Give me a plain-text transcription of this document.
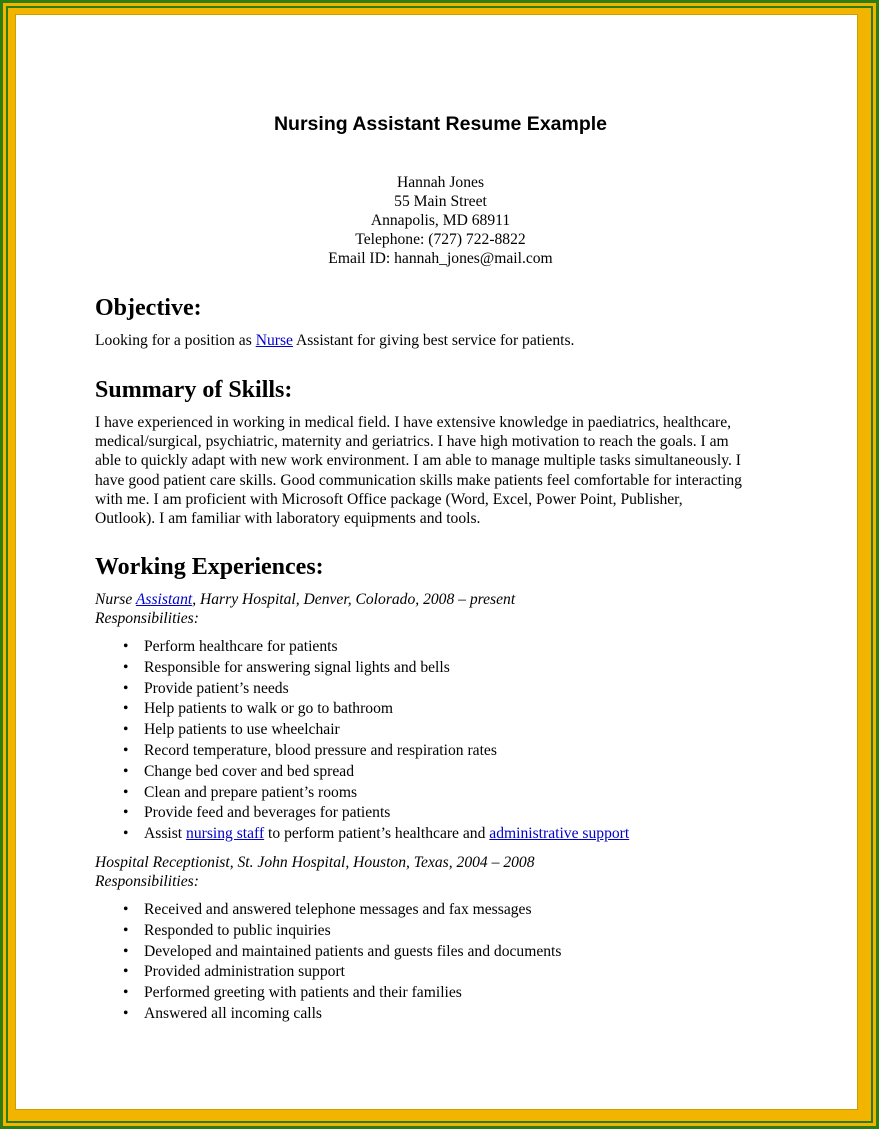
Nursing Assistant Resume Example
Hannah Jones
55 Main Street
Annapolis, MD 68911
Telephone: (727) 722-8822
Email ID: hannah_jones@mail.com
Objective:

Looking for a position as Nurse Assistant for giving best service for patients.

Summary of Skills:
I have experienced in working in medical field. I have extensive knowledge in paediatrics, healthcare,
medical/surgical, psychiatric, maternity and geriatrics. I have high motivation to reach the goals. I am
able to quickly adapt with new work environment. I am able to manage multiple tasks simultaneously. I
have good patient care skills. Good communication skills make patients feel comfortable for interacting
with me. I am proficient with Microsoft Office package (Word, Excel, Power Point, Publisher,
Outlook). I am familiar with laboratory equipments and tools.
Working Experiences:
Nurse Assistant, Harry Hospital, Denver, Colorado, 2008 – present
Responsibilities:
• Perform healthcare for patients
• Responsible for answering signal lights and bells
• Provide patient’s needs
• Help patients to walk or go to bathroom
• Help patients to use wheelchair
• Record temperature, blood pressure and respiration rates
• Change bed cover and bed spread
• Clean and prepare patient’s rooms
• Provide feed and beverages for patients
• Assist nursing staff to perform patient’s healthcare and administrative support
Hospital Receptionist, St. John Hospital, Houston, Texas, 2004 – 2008
Responsibilities:
• Received and answered telephone messages and fax messages
• Responded to public inquiries
• Developed and maintained patients and guests files and documents
• Provided administration support
• Performed greeting with patients and their families
• Answered all incoming calls
